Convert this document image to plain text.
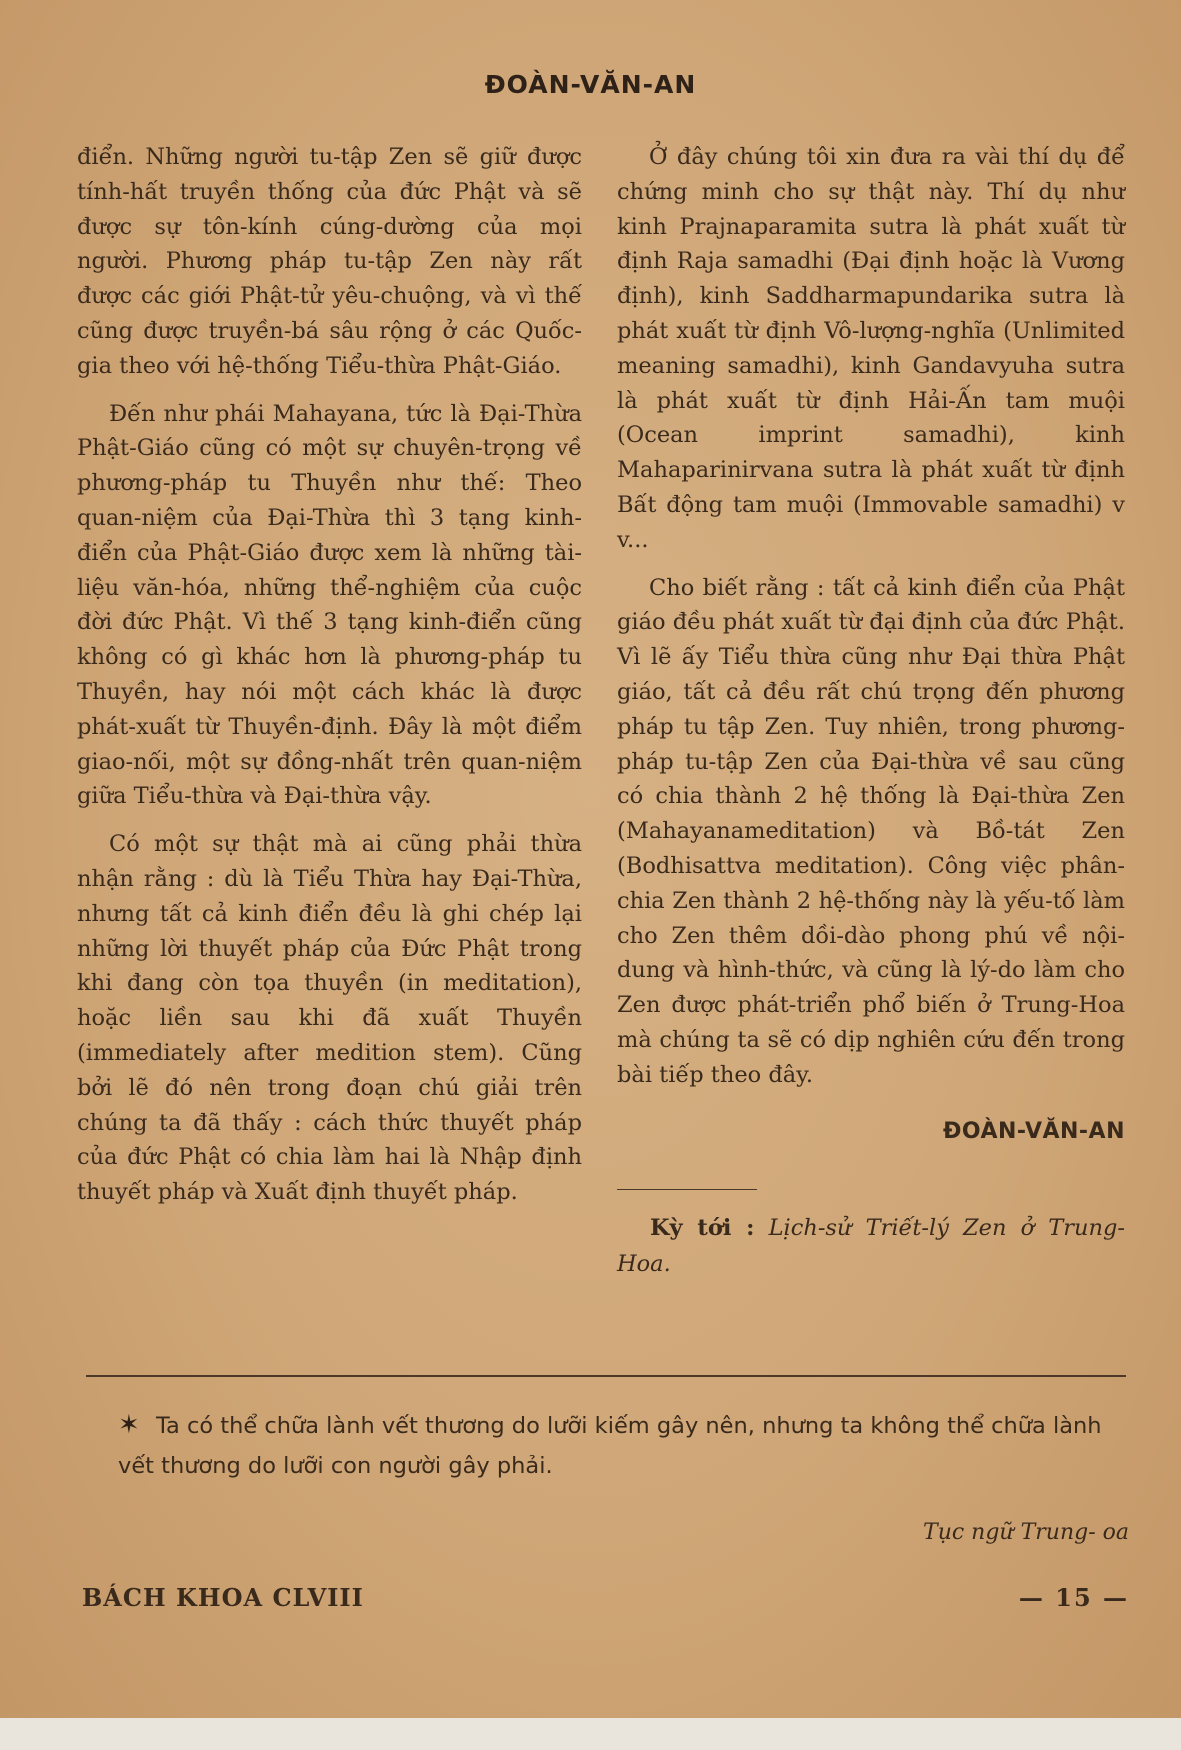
ĐOÀN-VĂN-AN

điển. Những người tu-tập Zen sẽ giữ được tính-hất truyền thống của đức Phật và sẽ được sự tôn-kính cúng-dường của mọi người. Phương pháp tu-tập Zen này rất được các giới Phật-tử yêu-chuộng, và vì thế cũng được truyền-bá sâu rộng ở các Quốc-gia theo với hệ-thống Tiểu-thừa Phật-Giáo.

Đến như phái Mahayana, tức là Đại-Thừa Phật-Giáo cũng có một sự chuyên-trọng về phương-pháp tu Thuyền như thế: Theo quan-niệm của Đại-Thừa thì 3 tạng kinh-điển của Phật-Giáo được xem là những tài-liệu văn-hóa, những thể-nghiệm của cuộc đời đức Phật. Vì thế 3 tạng kinh-điển cũng không có gì khác hơn là phương-pháp tu Thuyền, hay nói một cách khác là được phát-xuất từ Thuyền-định. Đây là một điểm giao-nối, một sự đồng-nhất trên quan-niệm giữa Tiểu-thừa và Đại-thừa vậy.

Có một sự thật mà ai cũng phải thừa nhận rằng : dù là Tiểu Thừa hay Đại-Thừa, nhưng tất cả kinh điển đều là ghi chép lại những lời thuyết pháp của Đức Phật trong khi đang còn tọa thuyền (in meditation), hoặc liền sau khi đã xuất Thuyền (immediately after medition stem). Cũng bởi lẽ đó nên trong đoạn chú giải trên chúng ta đã thấy : cách thức thuyết pháp của đức Phật có chia làm hai là Nhập định thuyết pháp và Xuất định thuyết pháp.

Ở đây chúng tôi xin đưa ra vài thí dụ để chứng minh cho sự thật này. Thí dụ như kinh Prajnaparamita sutra là phát xuất từ định Raja samadhi (Đại định hoặc là Vương định), kinh Saddharmapundarika sutra là phát xuất từ định Vô-lượng-nghĩa (Unlimited meaning samadhi), kinh Gandavyuha sutra là phát xuất từ định Hải-Ấn tam muội (Ocean imprint samadhi), kinh Mahaparinirvana sutra là phát xuất từ định Bất động tam muội (Immovable samadhi) v v...

Cho biết rằng : tất cả kinh điển của Phật giáo đều phát xuất từ đại định của đức Phật. Vì lẽ ấy Tiểu thừa cũng như Đại thừa Phật giáo, tất cả đều rất chú trọng đến phương pháp tu tập Zen. Tuy nhiên, trong phương-pháp tu-tập Zen của Đại-thừa về sau cũng có chia thành 2 hệ thống là Đại-thừa Zen (Mahayanameditation) và Bồ-tát Zen (Bodhisattva meditation). Công việc phân-chia Zen thành 2 hệ-thống này là yếu-tố làm cho Zen thêm dồi-dào phong phú về nội-dung và hình-thức, và cũng là lý-do làm cho Zen được phát-triển phổ biến ở Trung-Hoa mà chúng ta sẽ có dịp nghiên cứu đến trong bài tiếp theo đây.

ĐOÀN-VĂN-AN
Kỳ tới : Lịch-sử Triết-lý Zen ở Trung-Hoa.
✶ Ta có thể chữa lành vết thương do lưỡi kiếm gây nên, nhưng ta không thể chữa lành vết thương do lưỡi con người gây phải.
Tục ngữ Trung- oa
BÁCH KHOA CLVIII	— 15 —
